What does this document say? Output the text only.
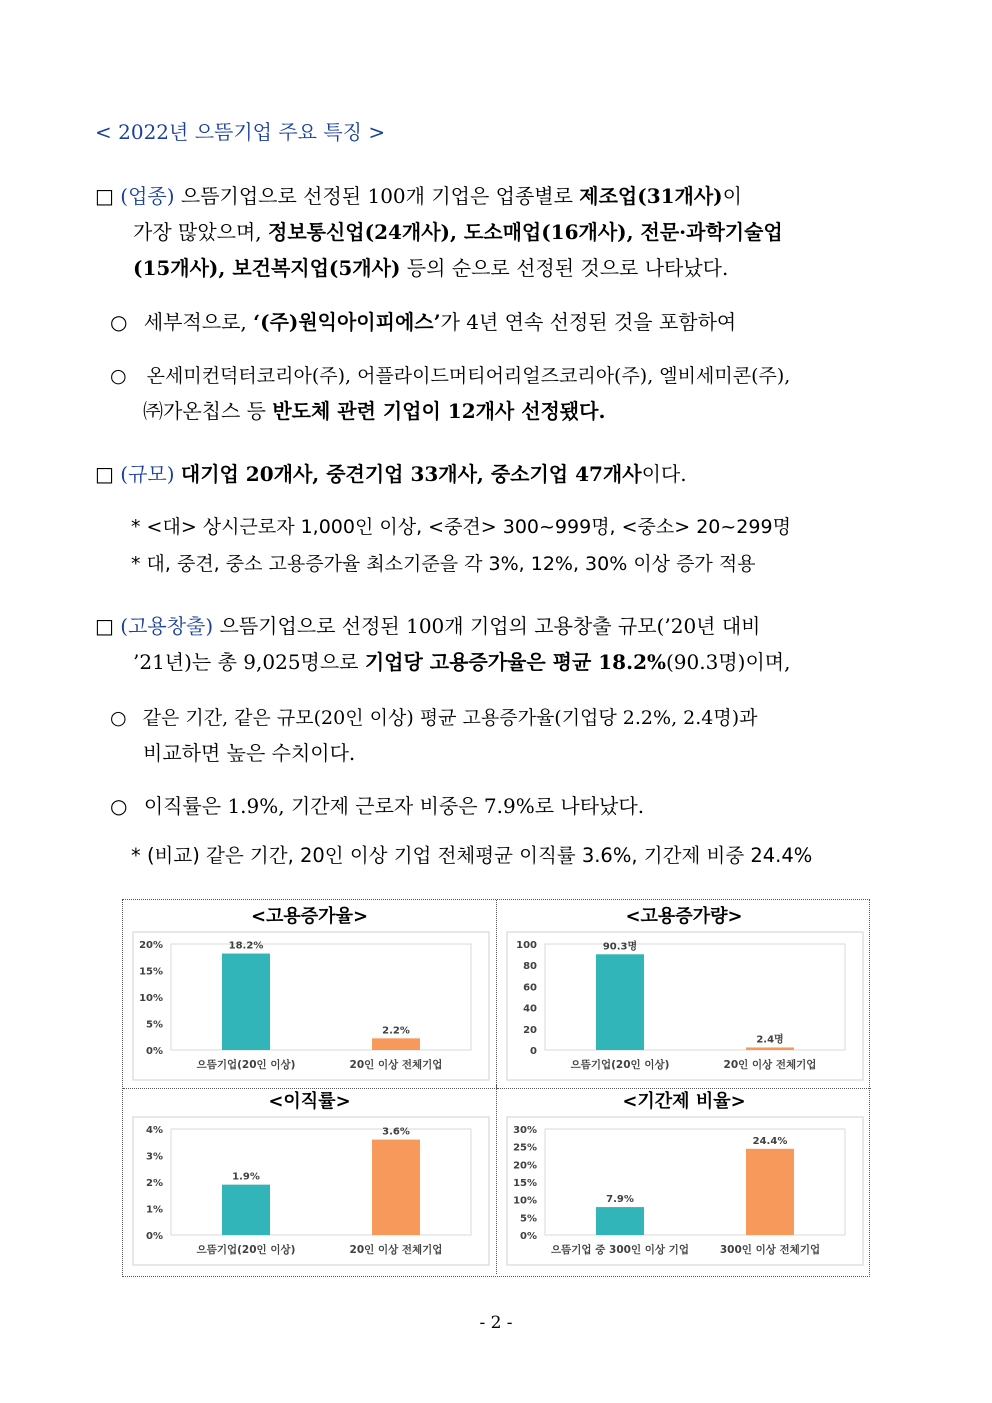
< 2022년 으뜸기업 주요 특징 >
□ (업종) 으뜸기업으로 선정된 100개 기업은 업종별로 제조업(31개사)이
가장 많았으며, 정보통신업(24개사), 도소매업(16개사), 전문·과학기술업
(15개사), 보건복지업(5개사) 등의 순으로 선정된 것으로 나타났다.
○ 세부적으로, ‘(주)원익아이피에스’가 4년 연속 선정된 것을 포함하여
○ 온세미컨덕터코리아(주), 어플라이드머티어리얼즈코리아(주), 엘비세미콘(주),
㈜가온칩스 등 반도체 관련 기업이 12개사 선정됐다.
□ (규모) 대기업 20개사, 중견기업 33개사, 중소기업 47개사이다.
* <대> 상시근로자 1,000인 이상, <중견> 300~999명, <중소> 20~299명
* 대, 중견, 중소 고용증가율 최소기준을 각 3%, 12%, 30% 이상 증가 적용
□ (고용창출) 으뜸기업으로 선정된 100개 기업의 고용창출 규모(’20년 대비
’21년)는 총 9,025명으로 기업당 고용증가율은 평균 18.2%(90.3명)이며,
○ 같은 기간, 같은 규모(20인 이상) 평균 고용증가율(기업당 2.2%, 2.4명)과
비교하면 높은 수치이다.
○ 이직률은 1.9%, 기간제 근로자 비중은 7.9%로 나타났다.
* (비교) 같은 기간, 20인 이상 기업 전체평균 이직률 3.6%, 기간제 비중 24.4%
<고용증가율>
0%
5%
10%
15%
20%	18.2%
으뜸기업(20인 이상)
2.2%
20인 이상 전체기업
<고용증가량>
0
20
40
60
80
100	90.3명
으뜸기업(20인 이상)
2.4명
20인 이상 전체기업
<이직률>
0%
1%
2%
3%
4%
1.9%
으뜸기업(20인 이상)
3.6%
20인 이상 전체기업
<기간제 비율>
0%
5%
10%
15%
20%
25%
30%
7.9%
으뜸기업 중 300인 이상 기업
24.4%
300인 이상 전체기업
- 2 -
